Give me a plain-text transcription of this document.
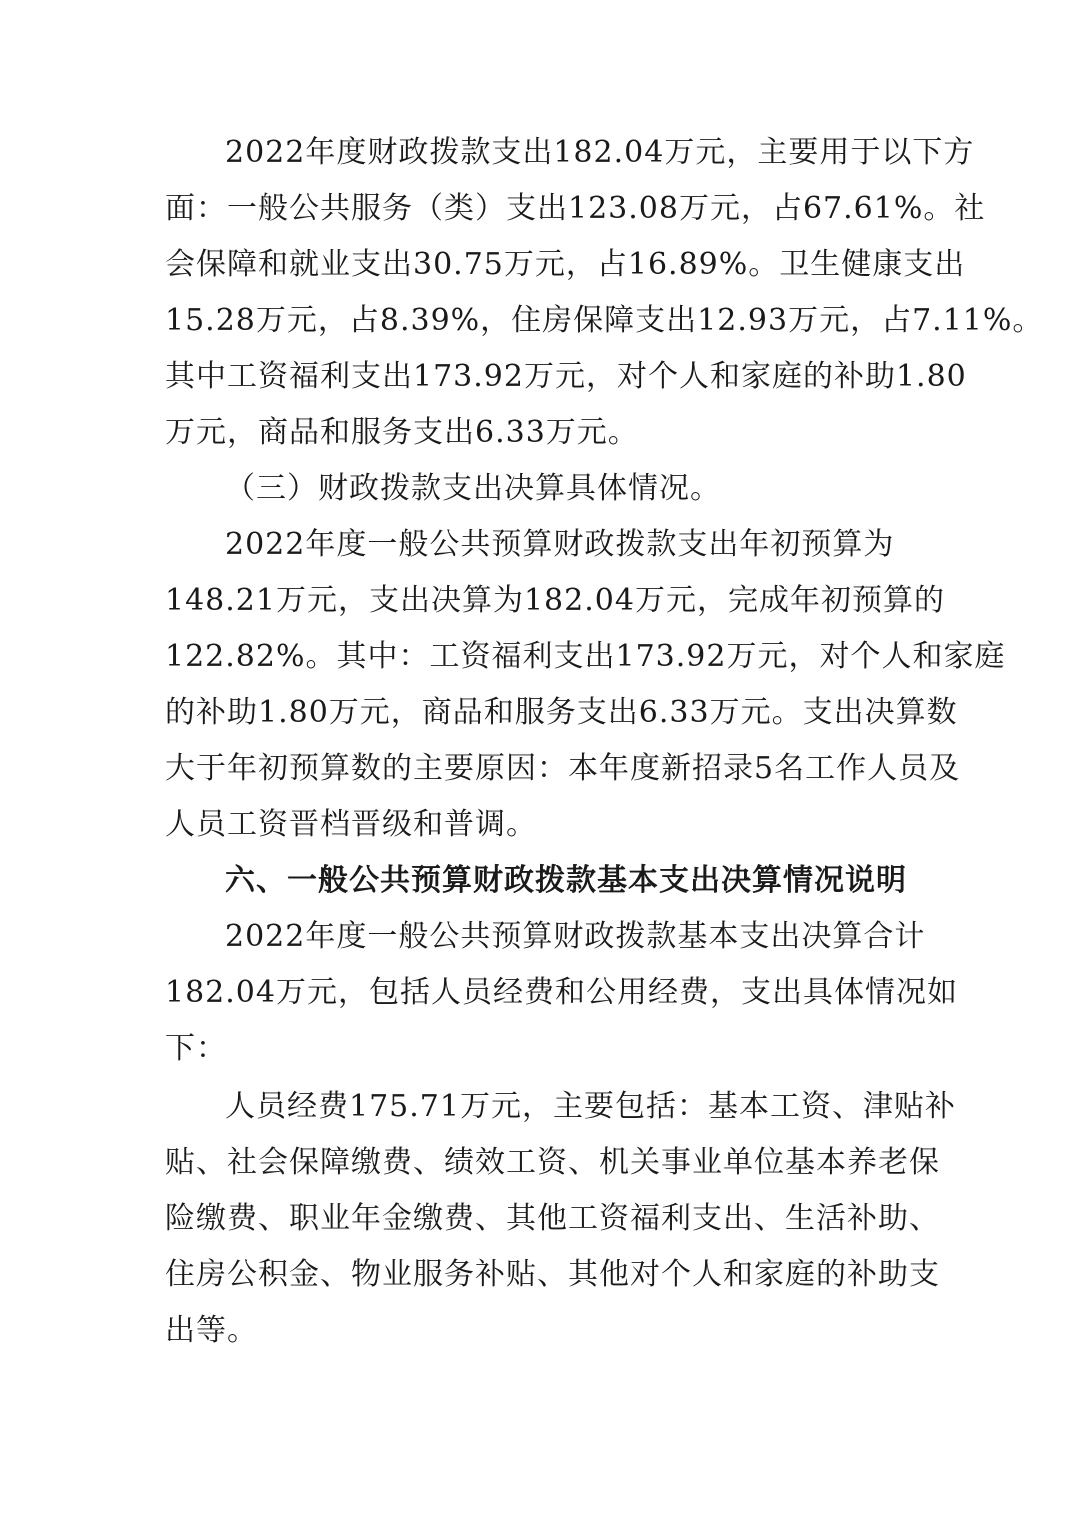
2022年度财政拨款支出182.04万元，主要用于以下方
面：一般公共服务（类）支出123.08万元，占67.61%。社
会保障和就业支出30.75万元，占16.89%。卫生健康支出
15.28万元，占8.39%，住房保障支出12.93万元，占7.11%。
其中工资福利支出173.92万元，对个人和家庭的补助1.80
万元，商品和服务支出6.33万元。
（三）财政拨款支出决算具体情况。
2022年度一般公共预算财政拨款支出年初预算为
148.21万元，支出决算为182.04万元，完成年初预算的
122.82%。其中：工资福利支出173.92万元，对个人和家庭
的补助1.80万元，商品和服务支出6.33万元。支出决算数
大于年初预算数的主要原因：本年度新招录5名工作人员及
人员工资晋档晋级和普调。
六、一般公共预算财政拨款基本支出决算情况说明
2022年度一般公共预算财政拨款基本支出决算合计
182.04万元，包括人员经费和公用经费，支出具体情况如
下：
人员经费175.71万元，主要包括：基本工资、津贴补
贴、社会保障缴费、绩效工资、机关事业单位基本养老保
险缴费、职业年金缴费、其他工资福利支出、生活补助、
住房公积金、物业服务补贴、其他对个人和家庭的补助支
出等。
